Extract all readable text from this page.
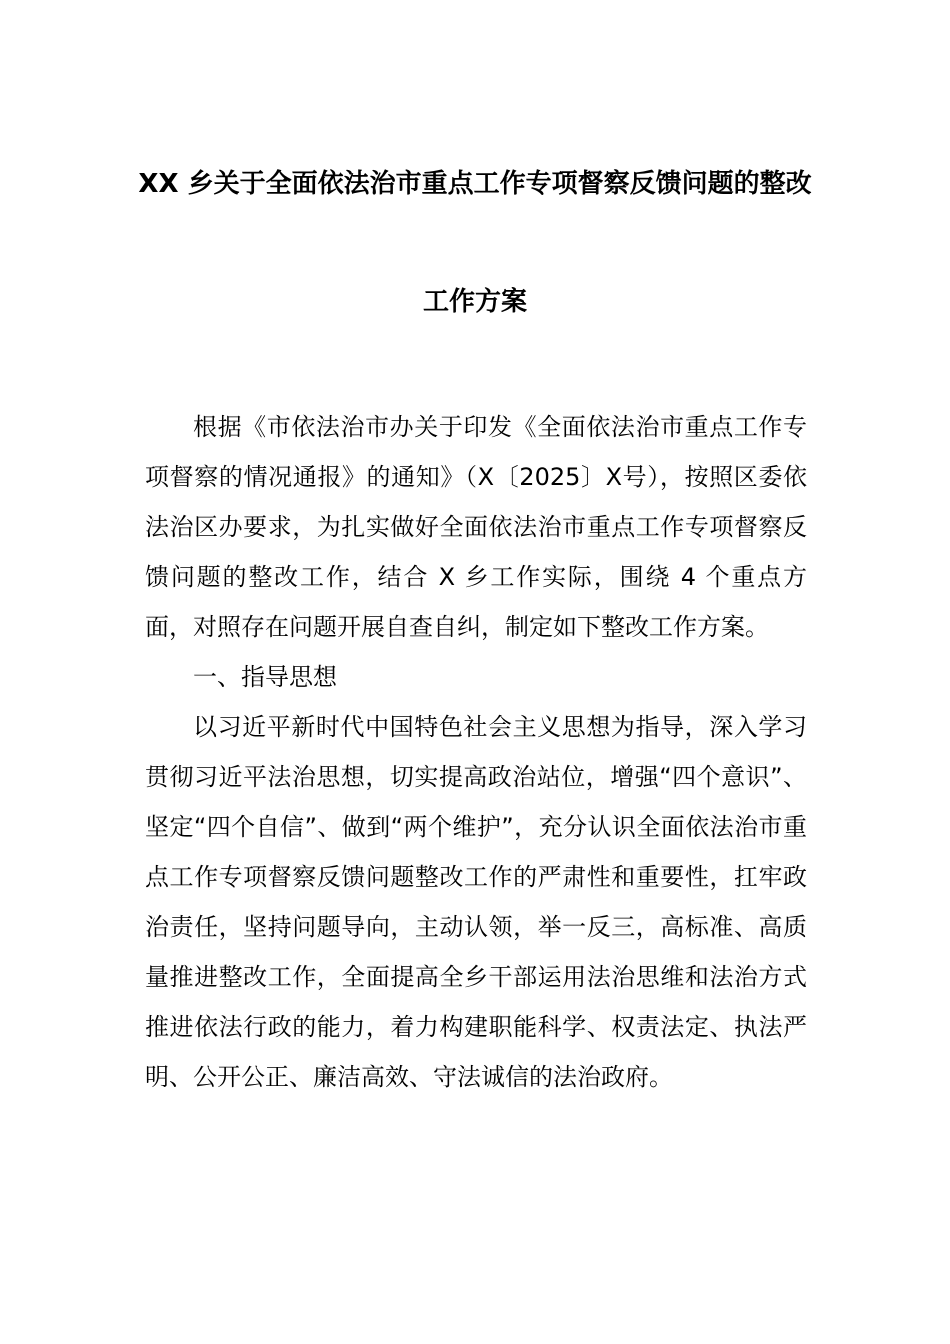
XX 乡关于全面依法治市重点工作专项督察反馈问题的整改
工作方案

根据《市依法治市办关于印发《全面依法治市重点工作专项督察的情况通报》的通知》（X〔2025〕X号），按照区委依法治区办要求，为扎实做好全面依法治市重点工作专项督察反馈问题的整改工作，结合 X 乡工作实际，围绕 4 个重点方面，对照存在问题开展自查自纠，制定如下整改工作方案。

一、指导思想

以习近平新时代中国特色社会主义思想为指导，深入学习贯彻习近平法治思想，切实提高政治站位，增强“四个意识”、坚定“四个自信”、做到“两个维护”，充分认识全面依法治市重点工作专项督察反馈问题整改工作的严肃性和重要性，扛牢政治责任，坚持问题导向，主动认领，举一反三，高标准、高质量推进整改工作，全面提高全乡干部运用法治思维和法治方式推进依法行政的能力，着力构建职能科学、权责法定、执法严明、公开公正、廉洁高效、守法诚信的法治政府。
